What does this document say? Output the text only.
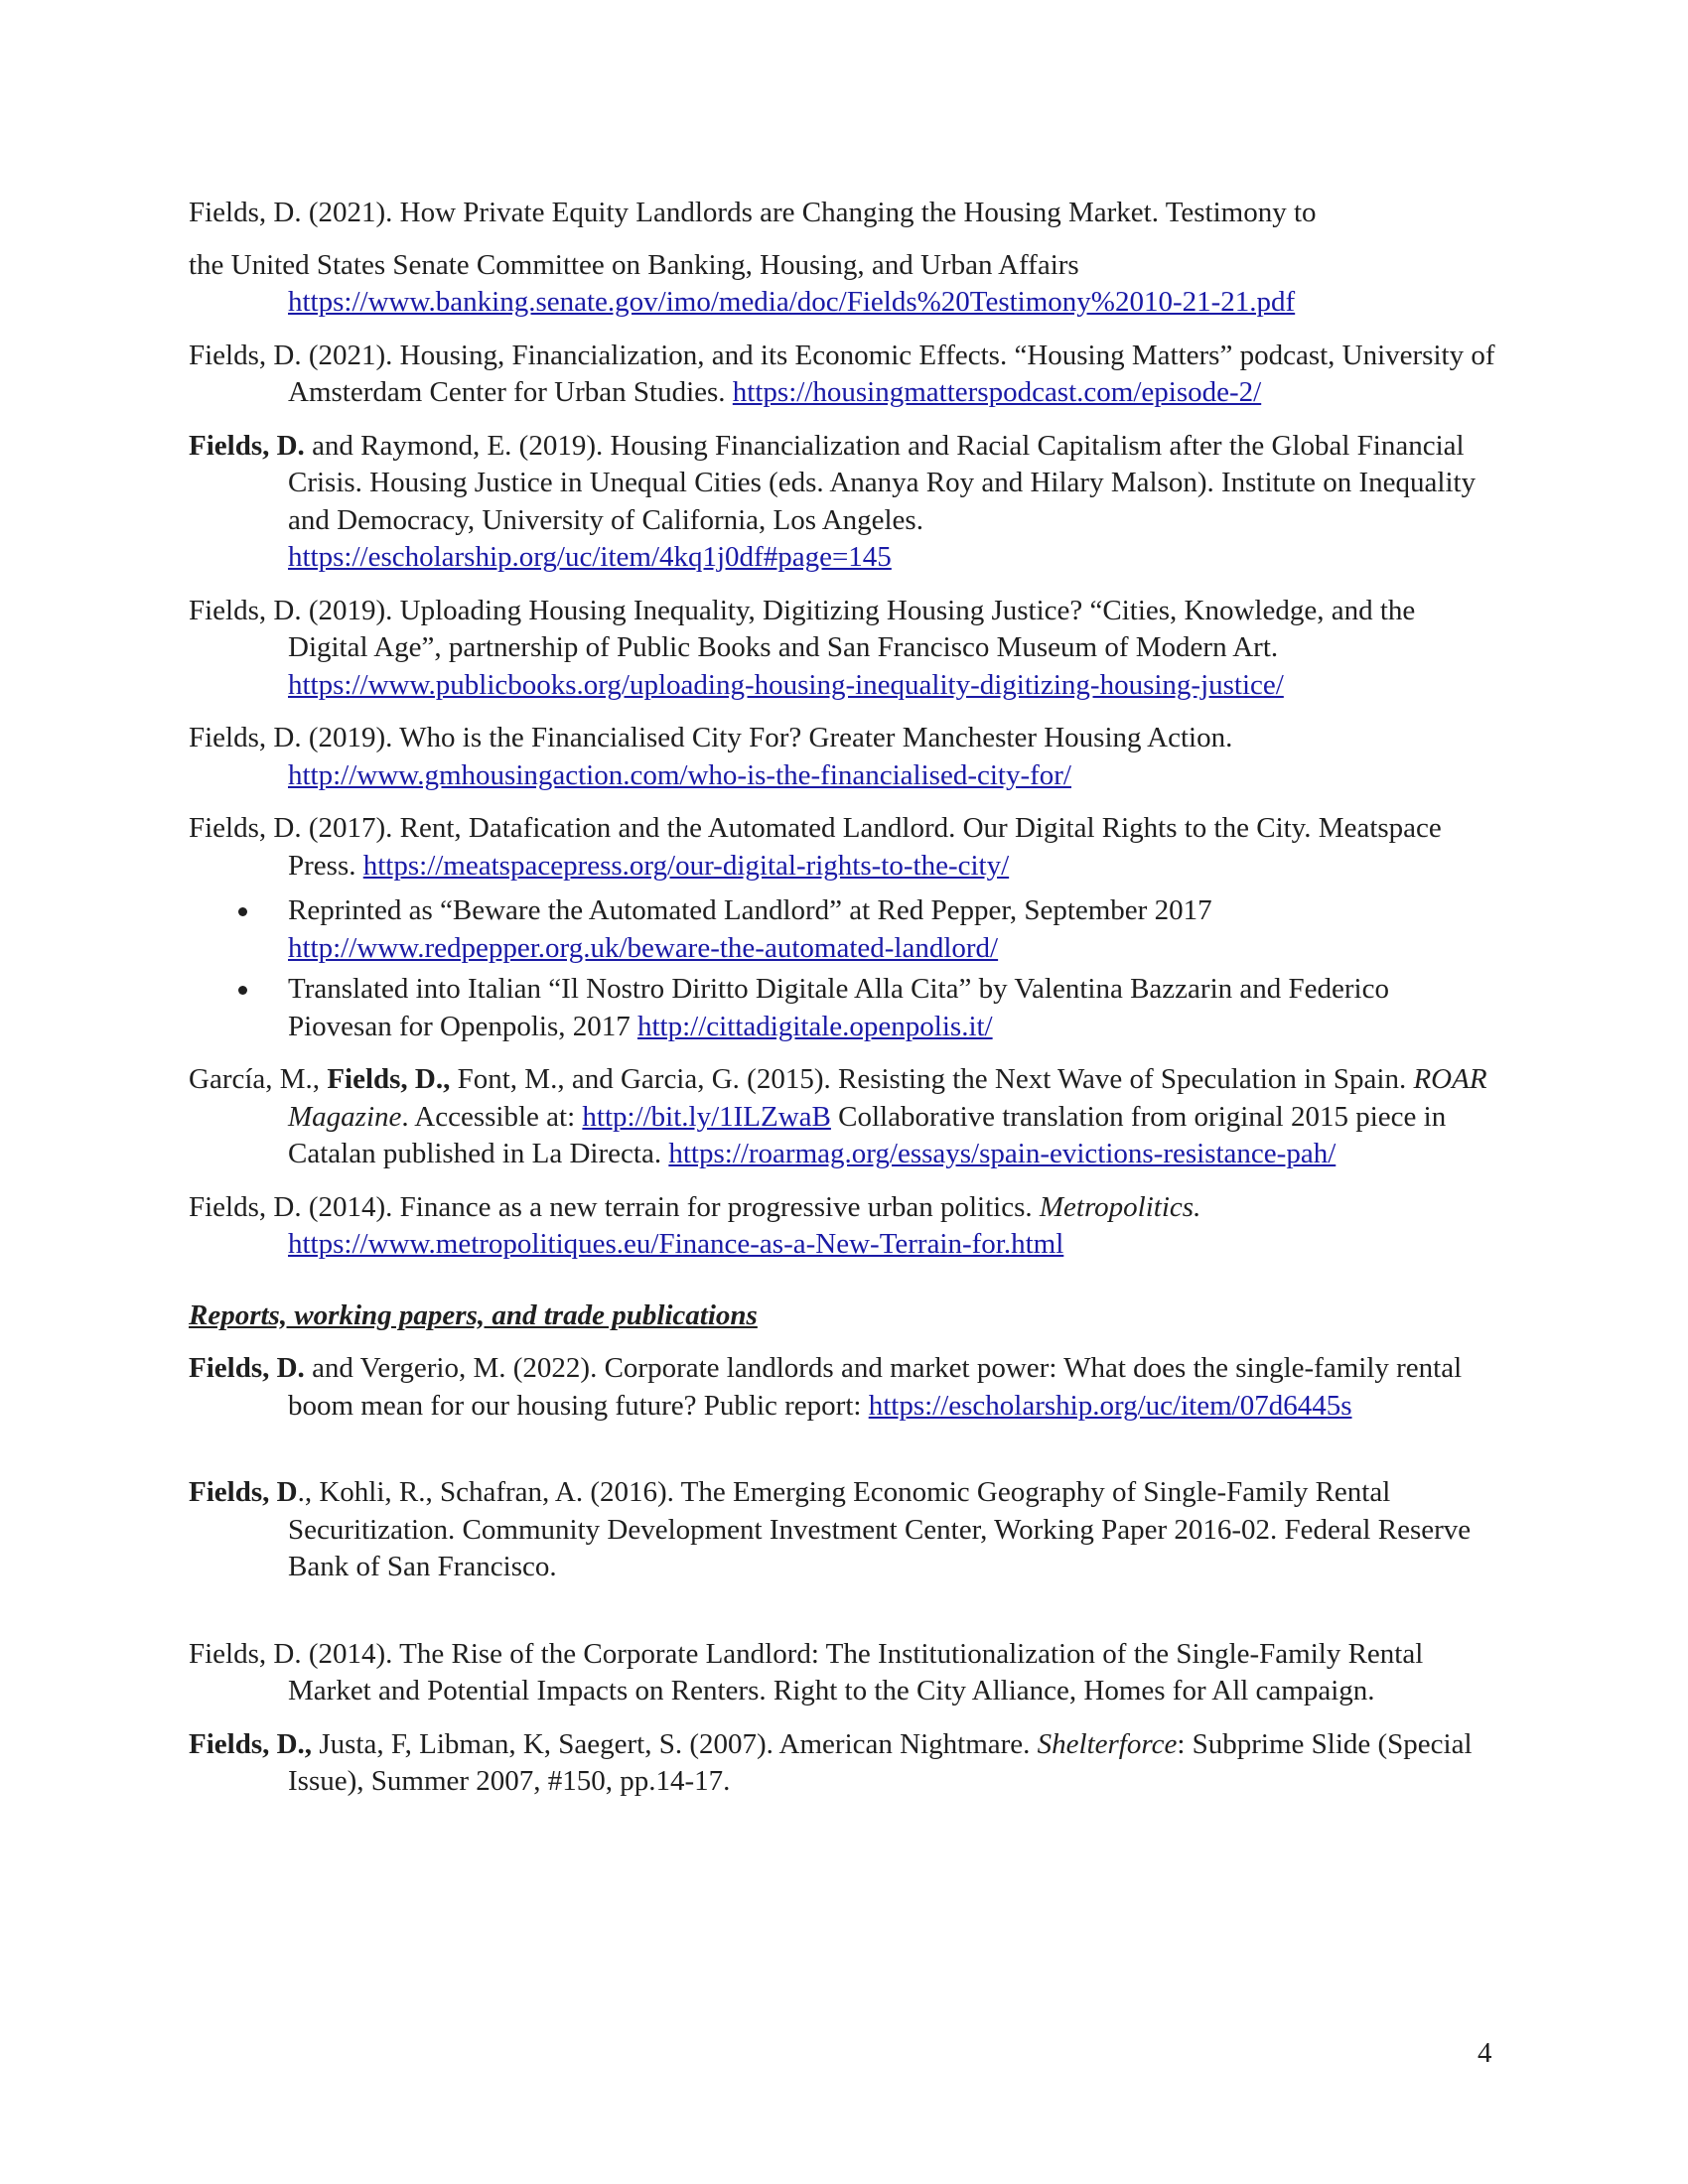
Fields, D. (2021). How Private Equity Landlords are Changing the Housing Market. Testimony to
the United States Senate Committee on Banking, Housing, and Urban Affairs https://www.banking.senate.gov/imo/media/doc/Fields%20Testimony%2010-21-21.pdf

Fields, D. (2021). Housing, Financialization, and its Economic Effects. “Housing Matters” podcast, University of Amsterdam Center for Urban Studies. https://housingmatterspodcast.com/episode-2/

Fields, D. and Raymond, E. (2019). Housing Financialization and Racial Capitalism after the Global Financial Crisis. Housing Justice in Unequal Cities (eds. Ananya Roy and Hilary Malson). Institute on Inequality and Democracy, University of California, Los Angeles. https://escholarship.org/uc/item/4kq1j0df#page=145

Fields, D. (2019). Uploading Housing Inequality, Digitizing Housing Justice? “Cities, Knowledge, and the Digital Age”, partnership of Public Books and San Francisco Museum of Modern Art. https://www.publicbooks.org/uploading-housing-inequality-digitizing-housing-justice/

Fields, D. (2019). Who is the Financialised City For? Greater Manchester Housing Action. http://www.gmhousingaction.com/who-is-the-financialised-city-for/

Fields, D. (2017). Rent, Datafication and the Automated Landlord. Our Digital Rights to the City. Meatspace Press. https://meatspacepress.org/our-digital-rights-to-the-city/

Reprinted as “Beware the Automated Landlord” at Red Pepper, September 2017 http://www.redpepper.org.uk/beware-the-automated-landlord/
Translated into Italian “Il Nostro Diritto Digitale Alla Cita” by Valentina Bazzarin and Federico Piovesan for Openpolis, 2017 http://cittadigitale.openpolis.it/

García, M., Fields, D., Font, M., and Garcia, G. (2015). Resisting the Next Wave of Speculation in Spain. ROAR Magazine. Accessible at: http://bit.ly/1ILZwaB Collaborative translation from original 2015 piece in Catalan published in La Directa. https://roarmag.org/essays/spain-evictions-resistance-pah/

Fields, D. (2014). Finance as a new terrain for progressive urban politics. Metropolitics. https://www.metropolitiques.eu/Finance-as-a-New-Terrain-for.html

Reports, working papers, and trade publications

Fields, D. and Vergerio, M. (2022). Corporate landlords and market power: What does the single-family rental boom mean for our housing future? Public report: https://escholarship.org/uc/item/07d6445s

Fields, D., Kohli, R., Schafran, A. (2016). The Emerging Economic Geography of Single-Family Rental Securitization. Community Development Investment Center, Working Paper 2016-02. Federal Reserve Bank of San Francisco.

Fields, D. (2014). The Rise of the Corporate Landlord: The Institutionalization of the Single-Family Rental Market and Potential Impacts on Renters. Right to the City Alliance, Homes for All campaign.

Fields, D., Justa, F, Libman, K, Saegert, S. (2007). American Nightmare. Shelterforce: Subprime Slide (Special Issue), Summer 2007, #150, pp.14-17.

4
